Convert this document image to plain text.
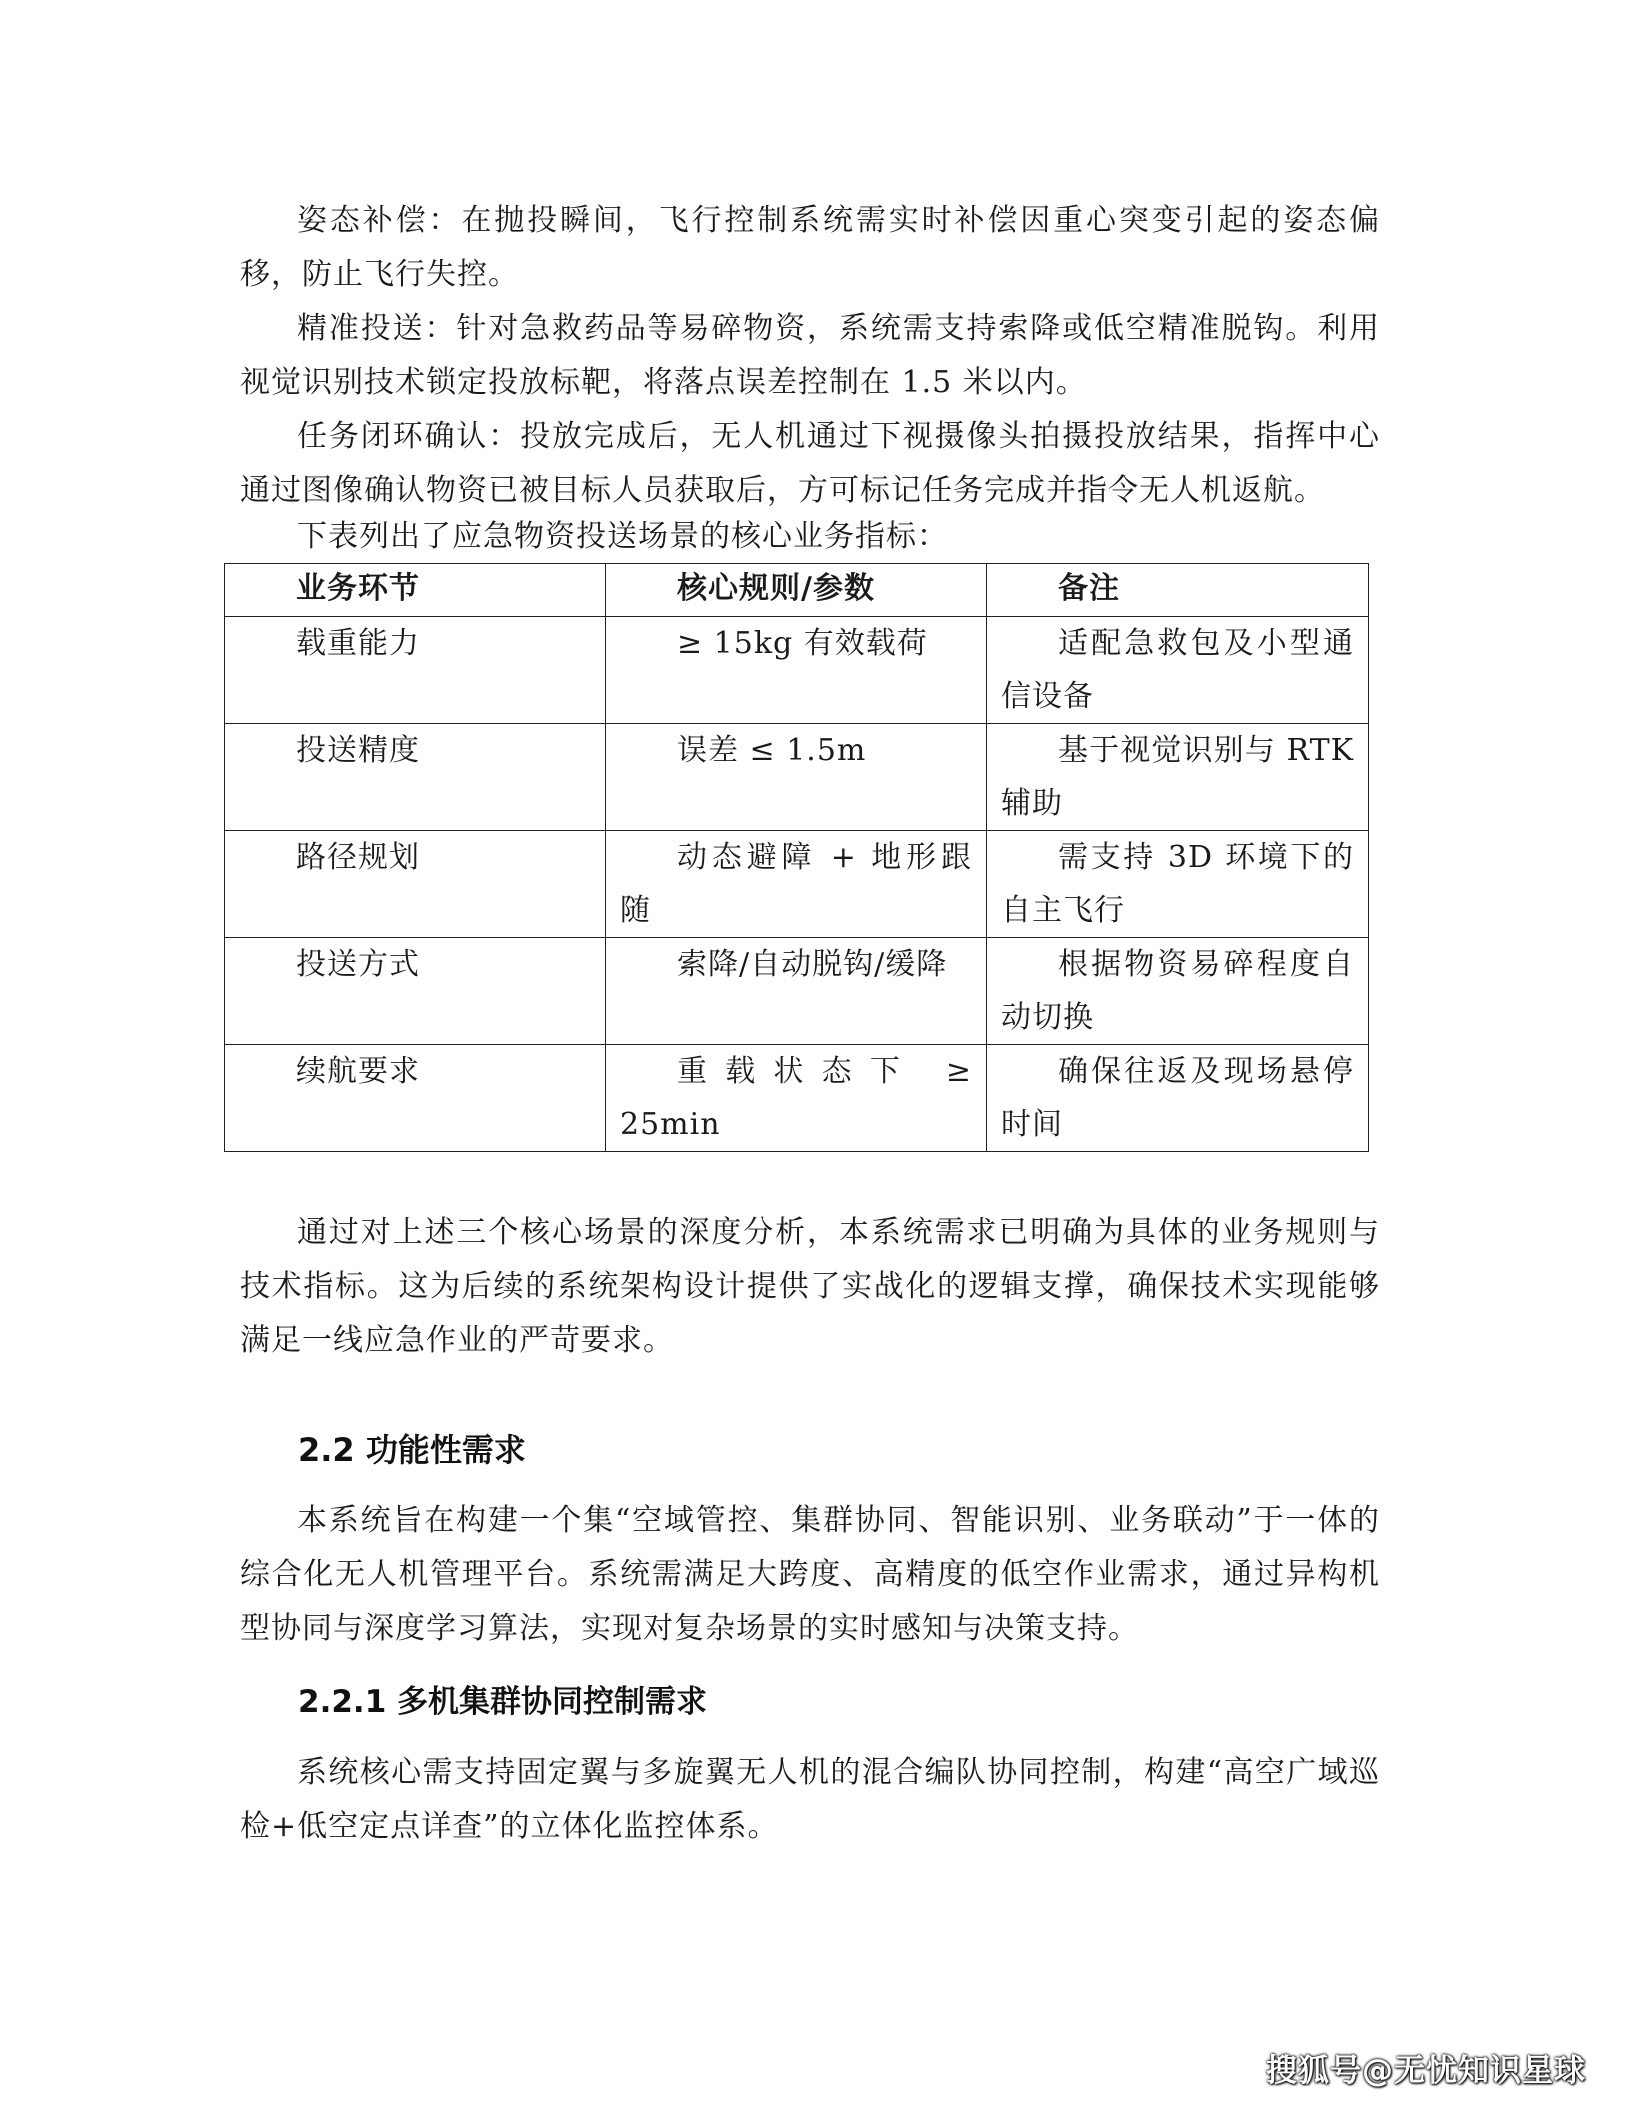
姿态补偿：在抛投瞬间，飞行控制系统需实时补偿因重心突变引起的姿态偏移，防止飞行失控。

精准投送：针对急救药品等易碎物资，系统需支持索降或低空精准脱钩。利用视觉识别技术锁定投放标靶，将落点误差控制在 1.5 米以内。

任务闭环确认：投放完成后，无人机通过下视摄像头拍摄投放结果，指挥中心通过图像确认物资已被目标人员获取后，方可标记任务完成并指令无人机返航。

下表列出了应急物资投送场景的核心业务指标：

业务环节	核心规则/参数	备注
载重能力	≥ 15kg 有效载荷	适配急救包及小型通信设备
投送精度	误差 ≤ 1.5m	基于视觉识别与 RTK 辅助
路径规划	动态避障 + 地形跟随	需支持 3D 环境下的自主飞行
投送方式	索降/自动脱钩/缓降	根据物资易碎程度自动切换
续航要求	重载状态下 ≥ 25min	确保往返及现场悬停时间

通过对上述三个核心场景的深度分析，本系统需求已明确为具体的业务规则与技术指标。这为后续的系统架构设计提供了实战化的逻辑支撑，确保技术实现能够满足一线应急作业的严苛要求。

2.2 功能性需求

本系统旨在构建一个集“空域管控、集群协同、智能识别、业务联动”于一体的综合化无人机管理平台。系统需满足大跨度、高精度的低空作业需求，通过异构机型协同与深度学习算法，实现对复杂场景的实时感知与决策支持。

2.2.1 多机集群协同控制需求

系统核心需支持固定翼与多旋翼无人机的混合编队协同控制，构建“高空广域巡检+低空定点详查”的立体化监控体系。

搜狐号@无忧知识星球
